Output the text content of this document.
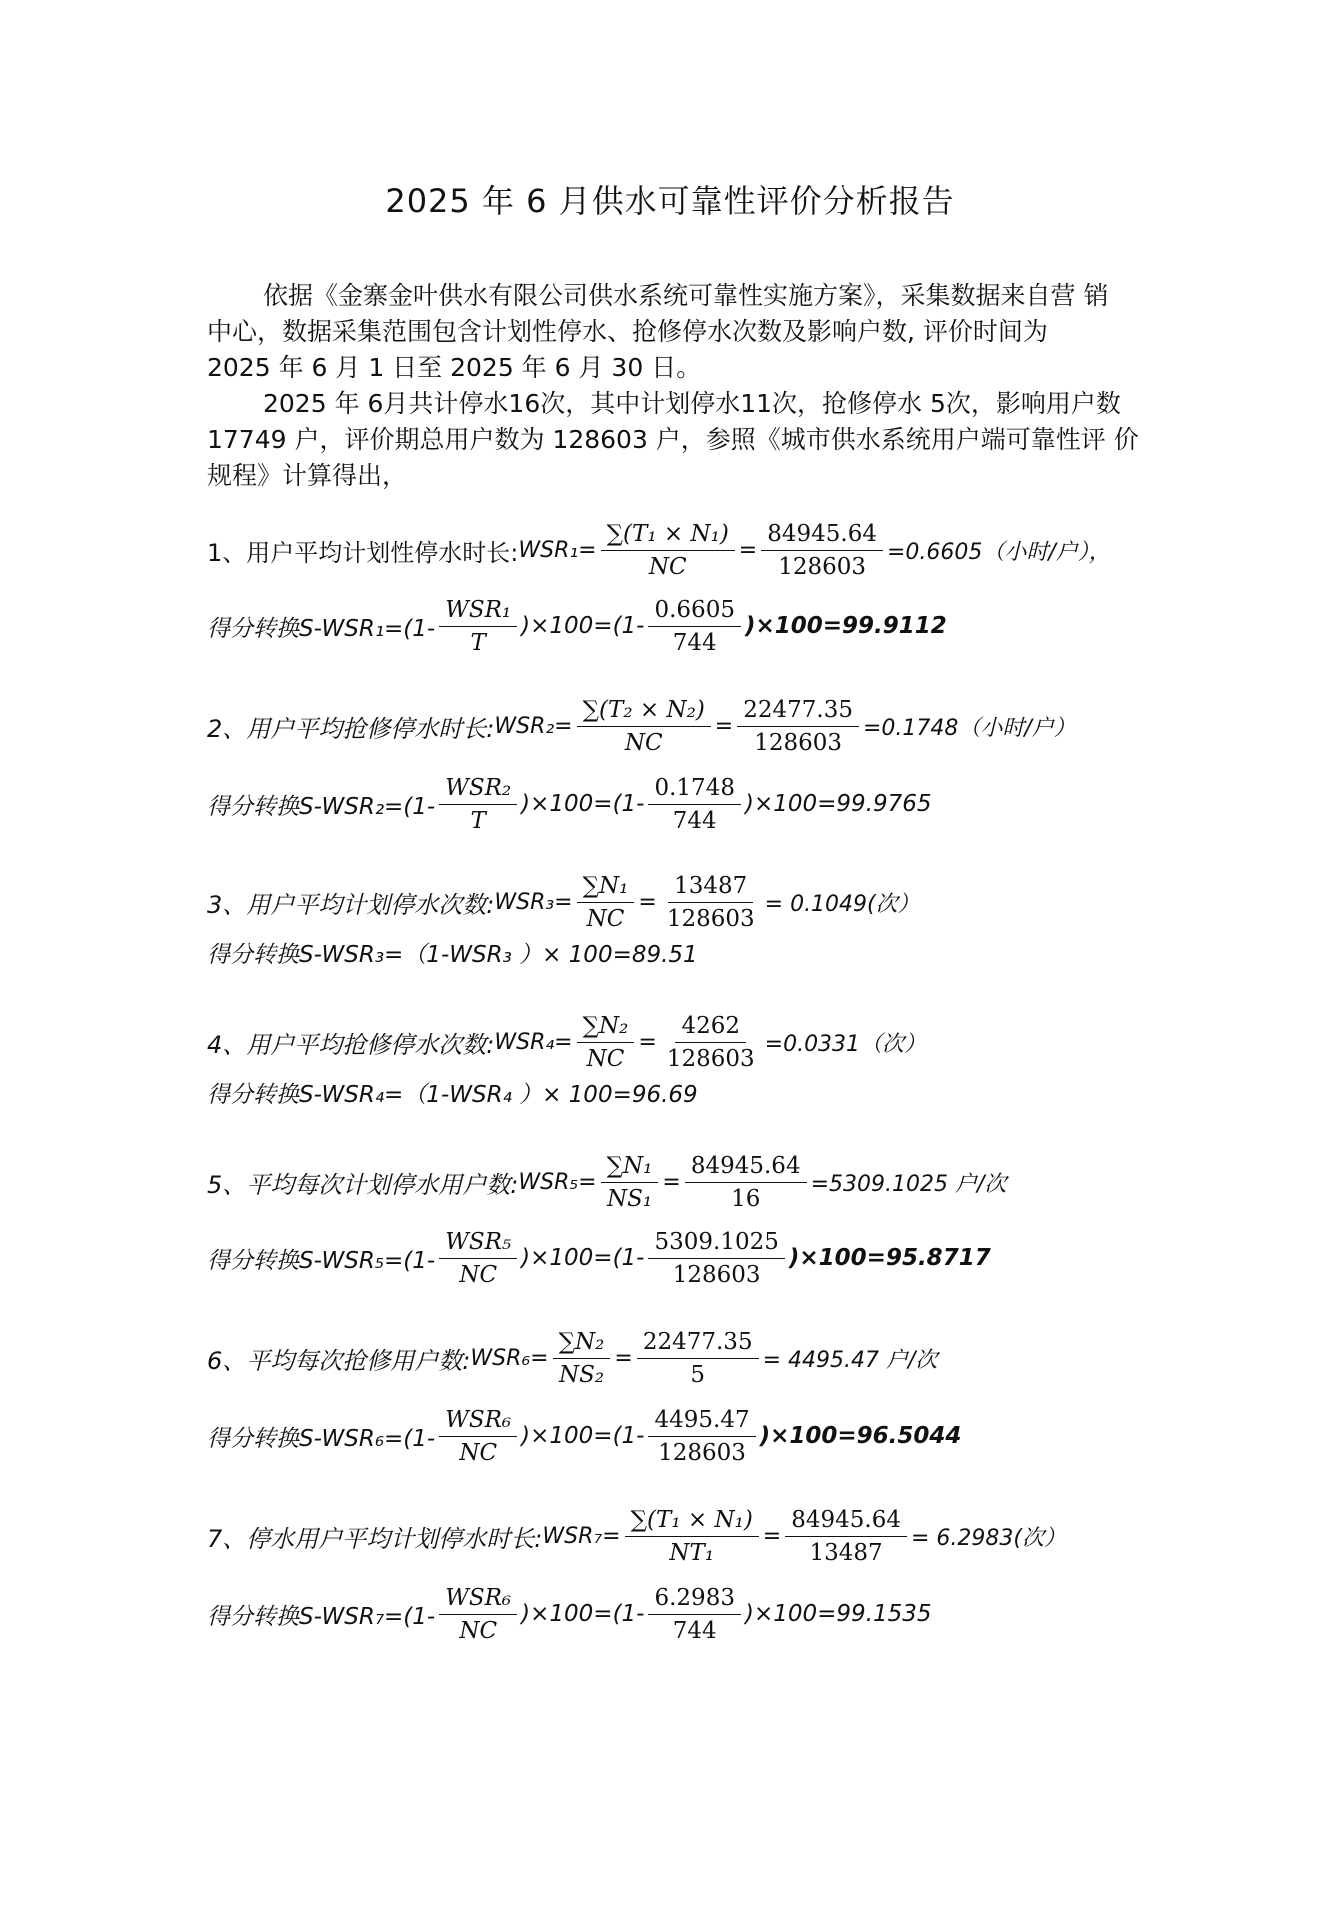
2025 年 6 月供水可靠性评价分析报告
依据《金寨金叶供水有限公司供水系统可靠性实施方案》，采集数据来自营 销
中心，数据采集范围包含计划性停水、抢修停水次数及影响户数, 评价时间为
2025 年 6 月 1 日至 2025 年 6 月 30 日。
2025 年 6月共计停水16次，其中计划停水11次，抢修停水 5次，影响用户数
17749 户，评价期总用户数为 128603 户，参照《城市供水系统用户端可靠性评 价
规程》计算得出，
1、用户平均计划性停水时长: $WSR_1= \frac{\text{∑(T₁ × N₁)}}{NC} = \frac{84945.64}{128603} =0.6605$（小时/户），
得分转换$S-WSR_1=(1- \frac{\text{WSR₁}}{T} )\times 100=(1- \frac{0.6605}{744} )\times 100=99.9112$
2、用户平均抢修停水时长: $WSR_2= \frac{\text{∑(T₂ × N₂)}}{NC} = \frac{22477.35}{128603} =0.1748$（小时/户）
得分转换$S-WSR_2=(1- \frac{\text{WSR₂}}{T} )\times 100=(1- \frac{0.1748}{744} )\times 100=99.9765$
3、用户平均计划停水次数: $WSR_3= \frac{\text{∑N₁}}{NC} = \frac{13487}{128603} = 0.1049$(次）
得分转换S-WSR₃=（1-WSR₃ ）× 100=89.51
4、用户平均抢修停水次数: $WSR_4= \frac{\text{∑N₂}}{NC} = \frac{4262}{128603} =0.0331$（次）
得分转换S-WSR₄=（1-WSR₄ ）× 100=96.69
5、平均每次计划停水用户数: $WSR_5= \frac{\text{∑N₁}}{\text{NS₁}} = \frac{84945.64}{16} =5309.1025$ 户/次
得分转换$S-WSR_5=(1- \frac{\text{WSR₅}}{NC} )\times 100=(1- \frac{5309.1025}{128603} )\times 100=95.8717$
6、平均每次抢修用户数: $WSR_6= \frac{\text{∑N₂}}{\text{NS₂}} = \frac{22477.35}{5} = 4495.47$ 户/次
得分转换$S-WSR_6=(1- \frac{\text{WSR₆}}{NC} )\times 100=(1- \frac{4495.47}{128603} )\times 100=96.5044$
7、停水用户平均计划停水时长: $WSR_7= \frac{\text{∑(T₁ × N₁)}}{\text{NT₁}} = \frac{84945.64}{13487} = 6.2983$(次）
得分转换$S-WSR_7=(1- \frac{\text{WSR₆}}{NC} )\times 100=(1- \frac{6.2983}{744} )\times 100=99.1535$
